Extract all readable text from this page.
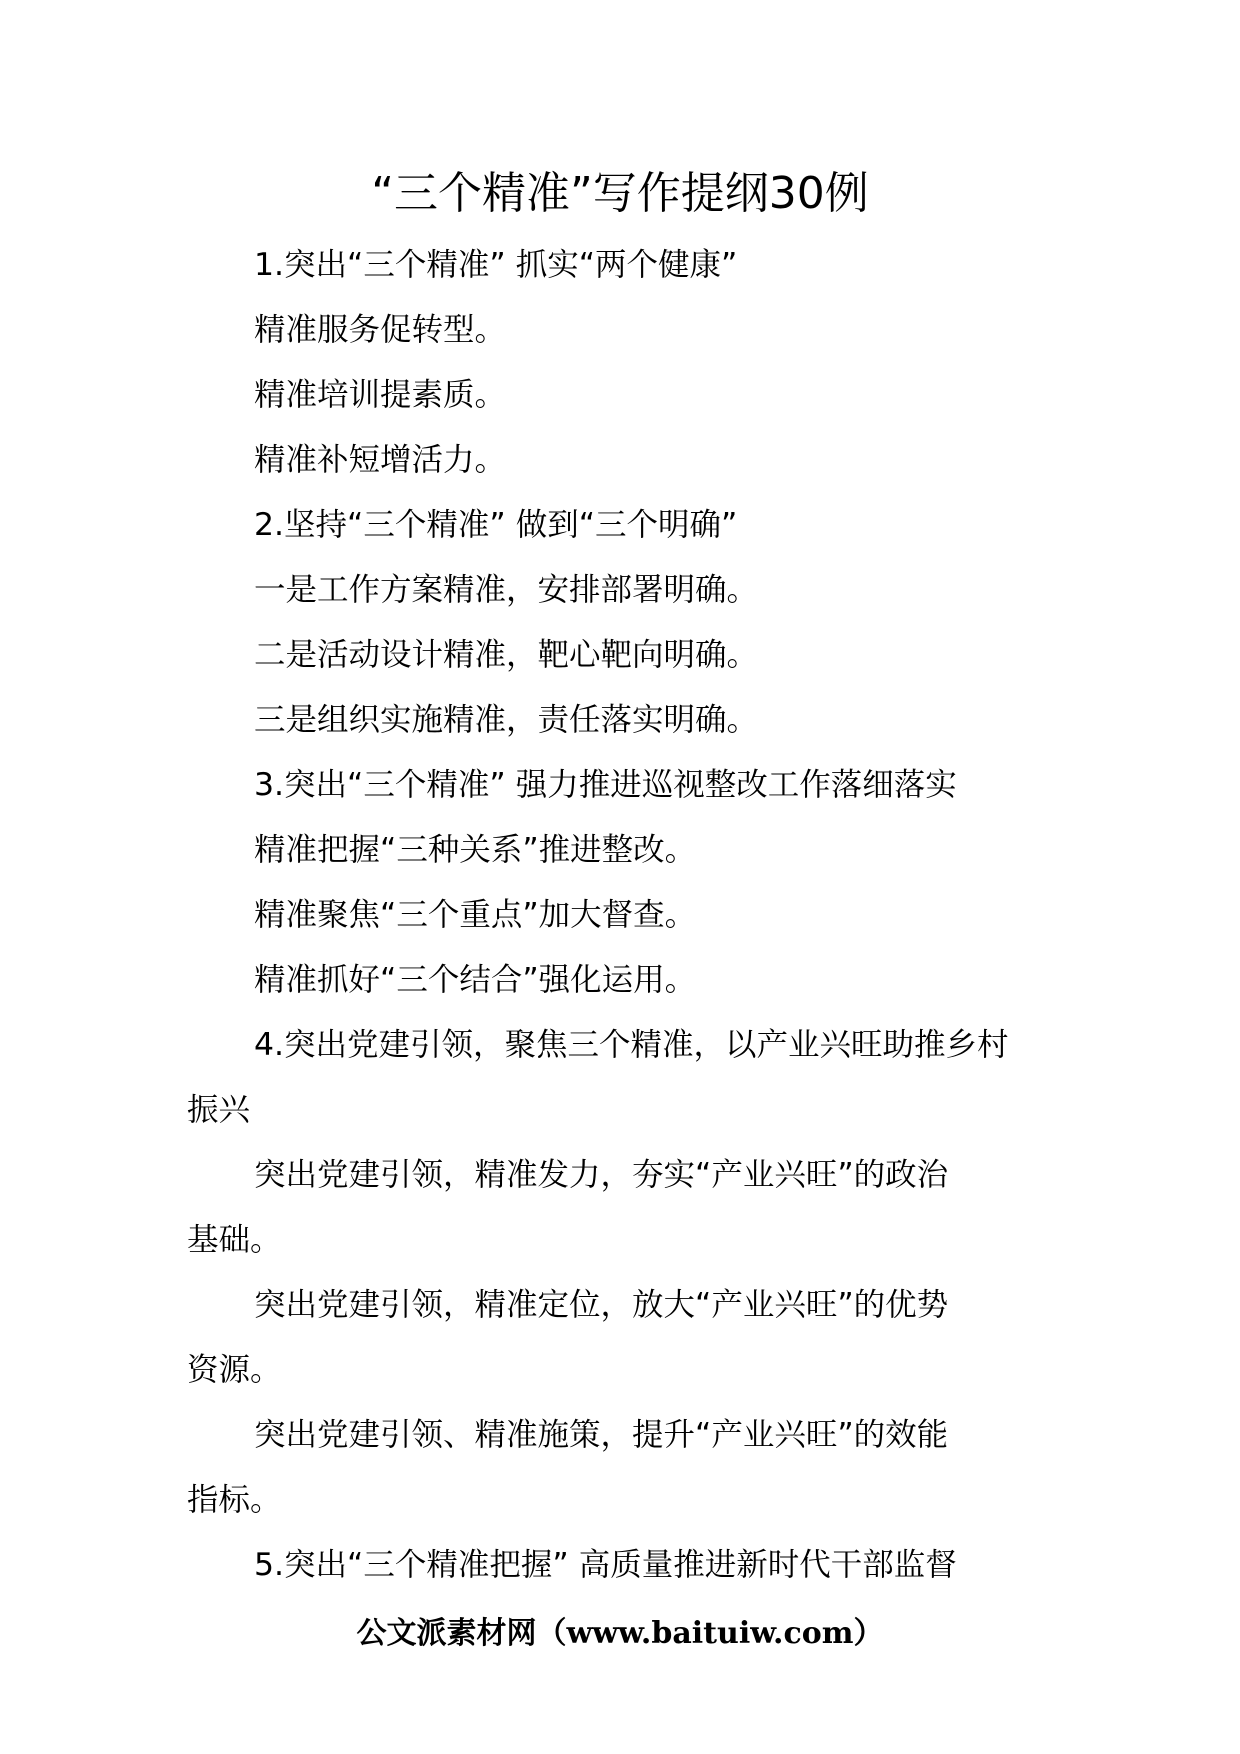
“三个精准”写作提纲30例
1.突出“三个精准” 抓实“两个健康”
精准服务促转型。
精准培训提素质。
精准补短增活力。
2.坚持“三个精准” 做到“三个明确”
一是工作方案精准，安排部署明确。
二是活动设计精准，靶心靶向明确。
三是组织实施精准，责任落实明确。
3.突出“三个精准” 强力推进巡视整改工作落细落实
精准把握“三种关系”推进整改。
精准聚焦“三个重点”加大督查。
精准抓好“三个结合”强化运用。
4.突出党建引领，聚焦三个精准，以产业兴旺助推乡村
振兴
突出党建引领，精准发力，夯实“产业兴旺”的政治
基础。
突出党建引领，精准定位，放大“产业兴旺”的优势
资源。
突出党建引领、精准施策，提升“产业兴旺”的效能
指标。
5.突出“三个精准把握” 高质量推进新时代干部监督
公文派素材网（www.baituiw.com）
